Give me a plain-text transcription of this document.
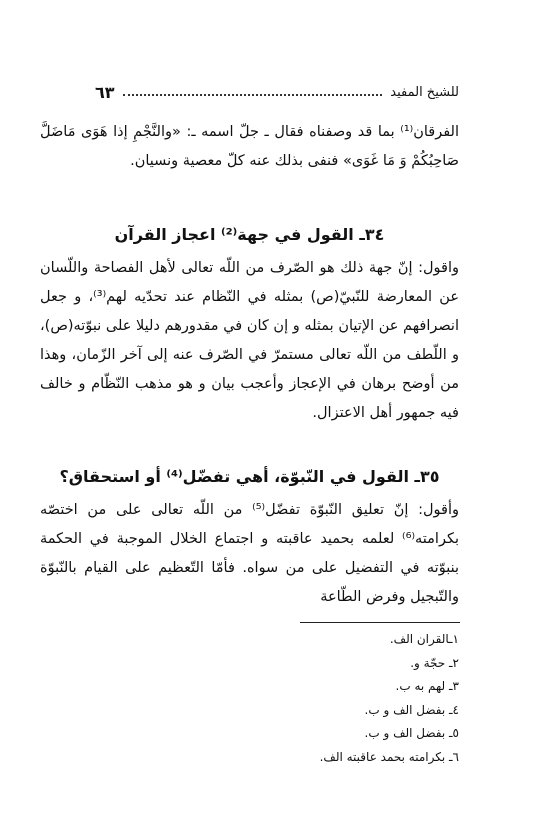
للشيخ المفيد
٦٣

الفرقان⁽¹⁾ بما قد وصفناه فقال ـ جلّ اسمه ـ: «والنَّجْمِ إذا هَوَى مَاضَلَّ صَاحِبُكُمْ وَ مَا غَوَى» فنفى بذلك عنه كلّ معصية ونسيان.

٣٤ـ القول في جهة⁽²⁾ اعجاز القرآن

واقول: إنّ جهة ذلك هو الصّرف من اللّه تعالى لأهل الفصاحة واللّسان عن المعارضة للنّبيّ(ص) بمثله في النّظام عند تحدّيه لهم⁽³⁾، و جعل انصرافهم عن الإتيان بمثله و إن كان في مقدورهم دليلا على نبوّته(ص)، و اللّطف من اللّه تعالى مستمرّ في الصّرف عنه إلى آخر الزّمان، وهذا من أوضح برهان في الإعجاز وأعجب بيان و هو مذهب النّظّام و خالف فيه جمهور أهل الاعتزال.

٣٥ـ القول في النّبوّة، أهي تفضّل⁽⁴⁾ أو استحقاق؟

وأقول: إنّ تعليق النّبوّة تفضّل⁽⁵⁾ من اللّه تعالى على من اختصّه بكرامته⁽⁶⁾ لعلمه بحميد عاقبته و اجتماع الخلال الموجبة في الحكمة بنبوّته في التفضيل على من سواه. فأمّا التّعظيم على القيام بالنّبوّة والتّبجيل وفرض الطّاعة

١ـالقران الف.
٢ـ حجّة و.
٣ـ لهم به ب.
٤ـ بفضل الف و ب.
٥ـ بفضل الف و ب.
٦ـ بكرامته بحمد عاقبته الف.
